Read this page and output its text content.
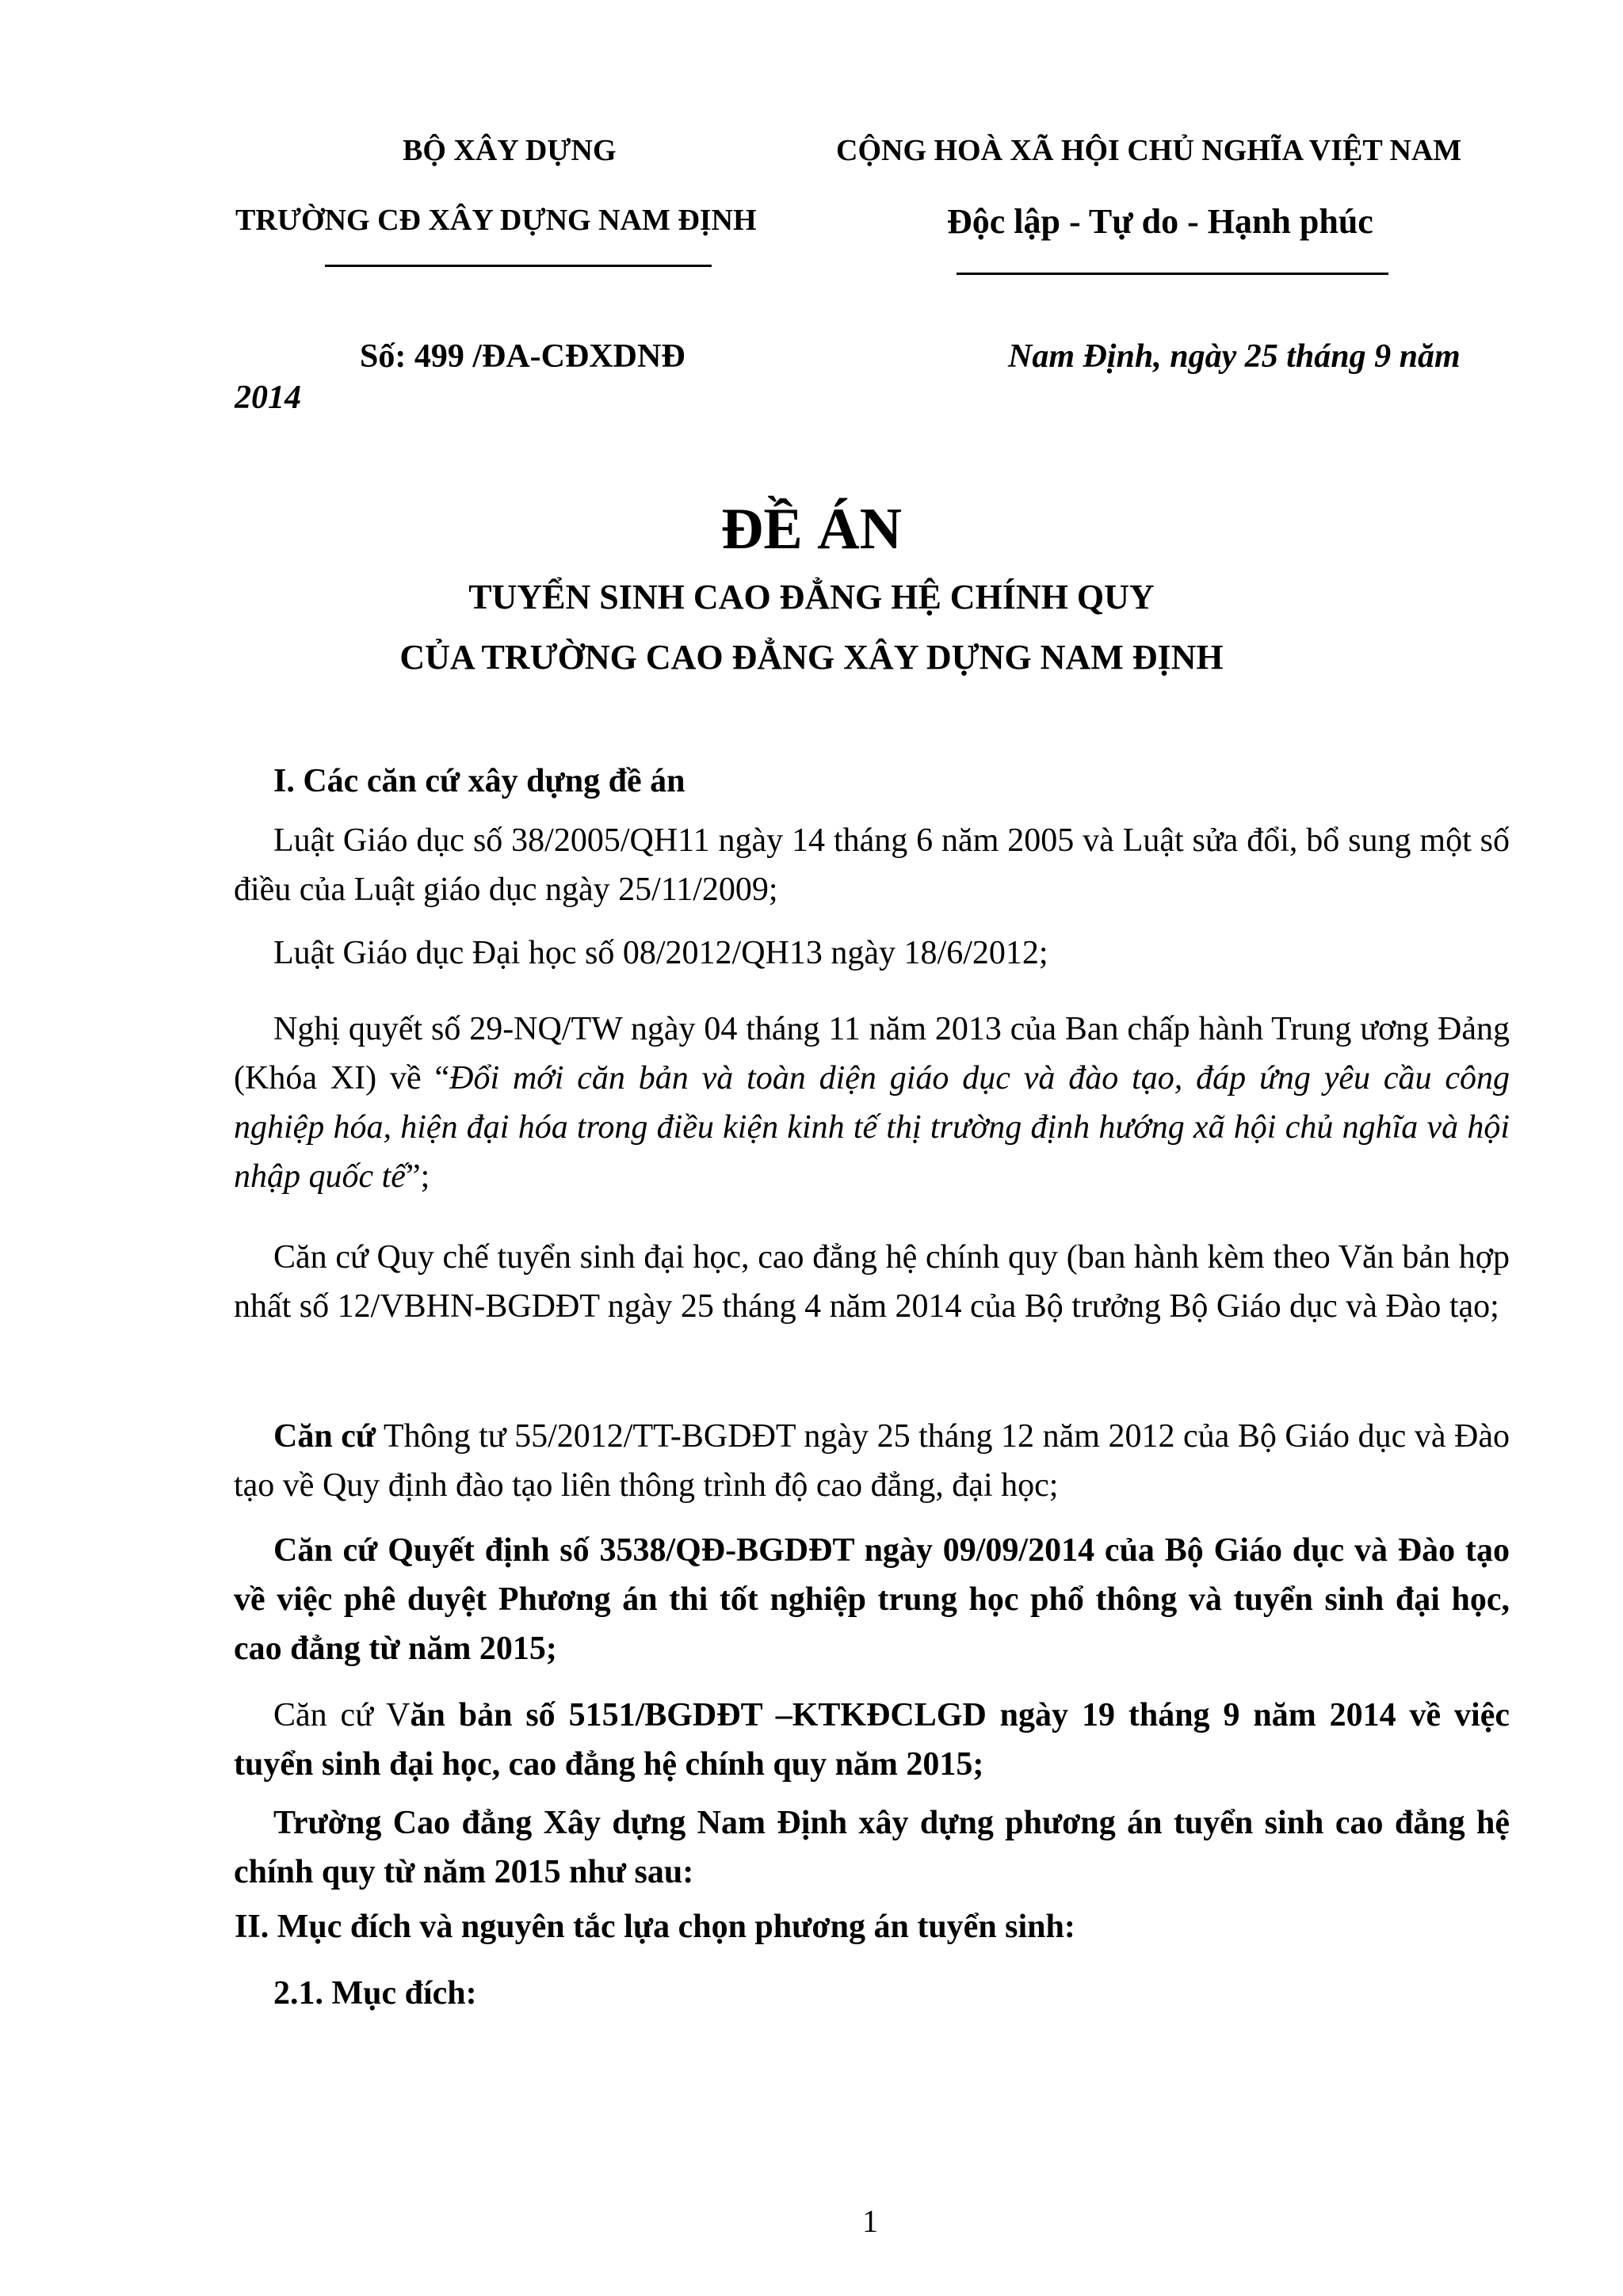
BỘ XÂY DỰNG
TRƯỜNG CĐ XÂY DỰNG NAM ĐỊNH
CỘNG HOÀ XÃ HỘI CHỦ NGHĨA VIỆT NAM
Độc lập - Tự do - Hạnh phúc
Số: 499 /ĐA-CĐXDNĐ	Nam Định, ngày 25 tháng 9 năm
2014
ĐỀ ÁN
TUYỂN SINH CAO ĐẲNG HỆ CHÍNH QUY
CỦA TRƯỜNG CAO ĐẲNG XÂY DỰNG NAM ĐỊNH
I. Các căn cứ xây dựng đề án
Luật Giáo dục số 38/2005/QH11 ngày 14 tháng 6 năm 2005 và Luật sửa đổi, bổ sung một số điều của Luật giáo dục ngày 25/11/2009;
Luật Giáo dục Đại học số 08/2012/QH13 ngày 18/6/2012;
Nghị quyết số 29-NQ/TW ngày 04 tháng 11 năm 2013 của Ban chấp hành Trung ương Đảng (Khóa XI) về “Đổi mới căn bản và toàn diện giáo dục và đào tạo, đáp ứng yêu cầu công nghiệp hóa, hiện đại hóa trong điều kiện kinh tế thị trường định hướng xã hội chủ nghĩa và hội nhập quốc tế”;
Căn cứ Quy chế tuyển sinh đại học, cao đẳng hệ chính quy (ban hành kèm theo Văn bản hợp nhất số 12/VBHN-BGDĐT ngày 25 tháng 4 năm 2014 của Bộ trưởng Bộ Giáo dục và Đào tạo;
Căn cứ Thông tư 55/2012/TT-BGDĐT ngày 25 tháng 12 năm 2012 của Bộ Giáo dục và Đào tạo về Quy định đào tạo liên thông trình độ cao đẳng, đại học;
Căn cứ Quyết định số 3538/QĐ-BGDĐT ngày 09/09/2014 của Bộ Giáo dục và Đào tạo về việc phê duyệt Phương án thi tốt nghiệp trung học phổ thông và tuyển sinh đại học, cao đẳng từ năm 2015;
Căn cứ Văn bản số 5151/BGDĐT –KTKĐCLGD ngày 19 tháng 9 năm 2014 về việc tuyển sinh đại học, cao đẳng hệ chính quy năm 2015;
Trường Cao đẳng Xây dựng Nam Định xây dựng phương án tuyển sinh cao đẳng hệ chính quy từ năm 2015 như sau:
II. Mục đích và nguyên tắc lựa chọn phương án tuyển sinh:
2.1. Mục đích:
1
